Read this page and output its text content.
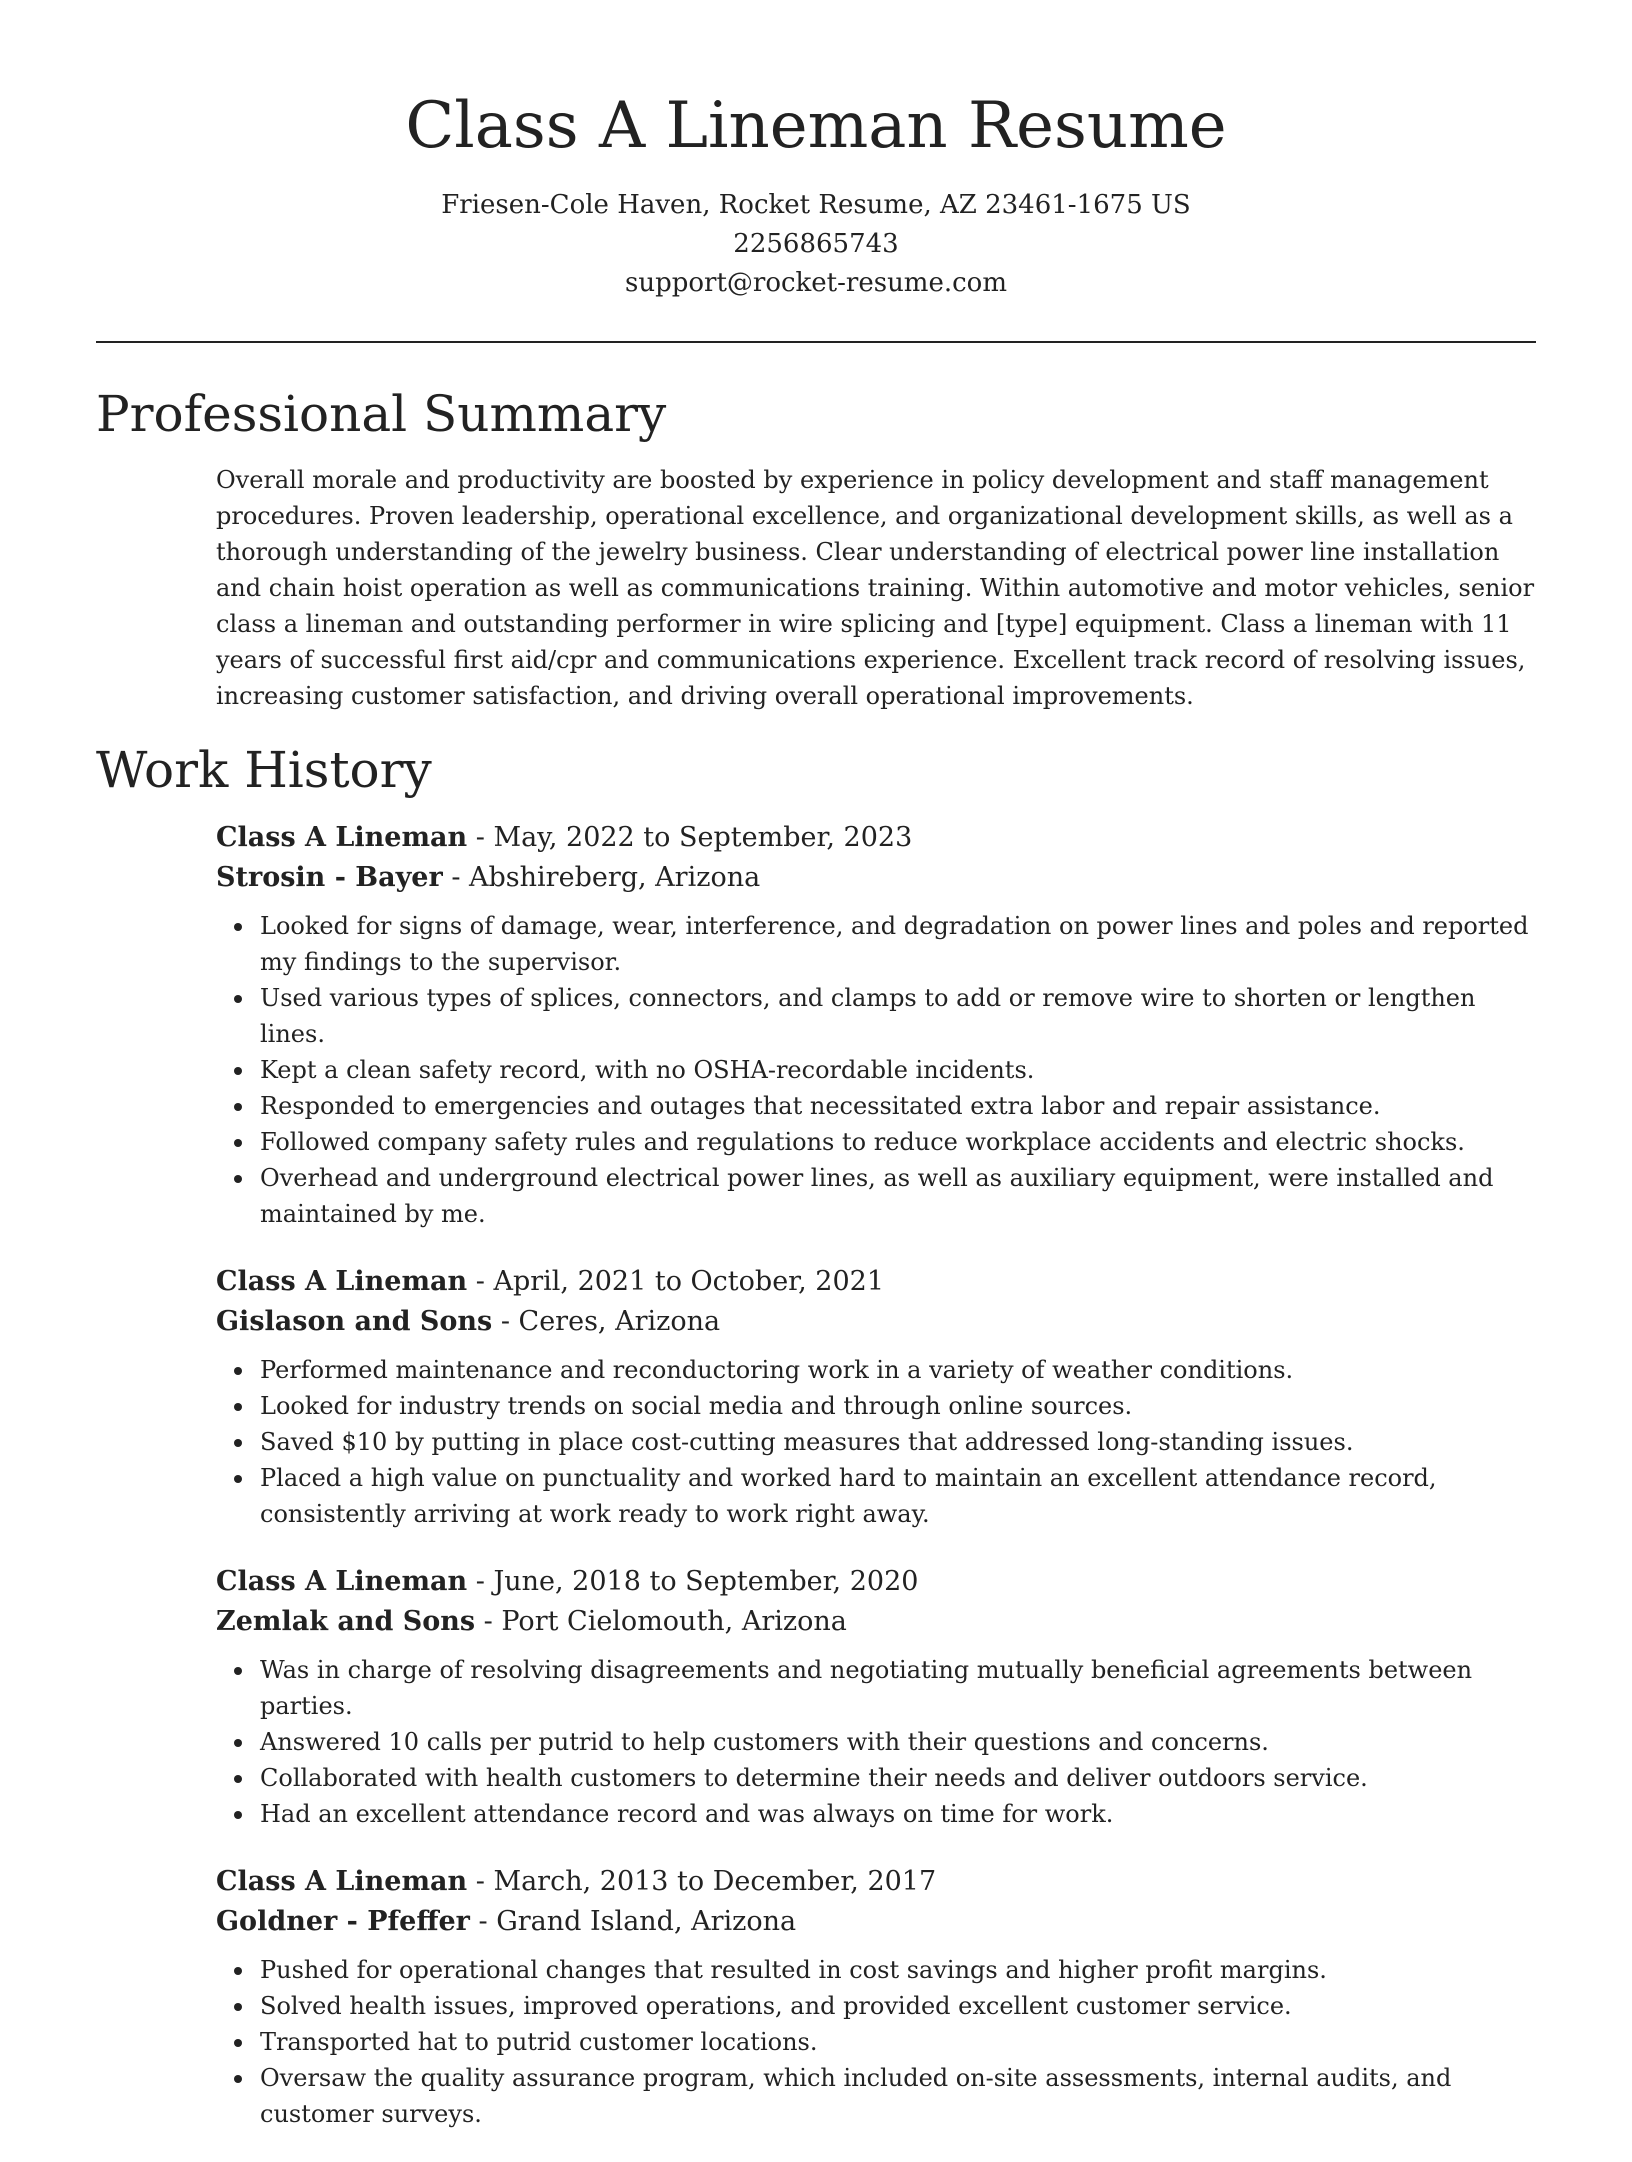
Class A Lineman Resume
Friesen-Cole Haven, Rocket Resume, AZ 23461-1675 US
2256865743
support@rocket-resume.com
Professional Summary

Overall morale and productivity are boosted by experience in policy development and staff management procedures. Proven leadership, operational excellence, and organizational development skills, as well as a thorough understanding of the jewelry business. Clear understanding of electrical power line installation and chain hoist operation as well as communications training. Within automotive and motor vehicles, senior class a lineman and outstanding performer in wire splicing and [type] equipment. Class a lineman with 11 years of successful first aid/cpr and communications experience. Excellent track record of resolving issues, increasing customer satisfaction, and driving overall operational improvements.

Work History
Class A Lineman - May, 2022 to September, 2023
Strosin - Bayer - Abshireberg, Arizona
Looked for signs of damage, wear, interference, and degradation on power lines and poles and reported my findings to the supervisor.
Used various types of splices, connectors, and clamps to add or remove wire to shorten or lengthen lines.
Kept a clean safety record, with no OSHA-recordable incidents.
Responded to emergencies and outages that necessitated extra labor and repair assistance.
Followed company safety rules and regulations to reduce workplace accidents and electric shocks.
Overhead and underground electrical power lines, as well as auxiliary equipment, were installed and maintained by me.
Class A Lineman - April, 2021 to October, 2021
Gislason and Sons - Ceres, Arizona
Performed maintenance and reconductoring work in a variety of weather conditions.
Looked for industry trends on social media and through online sources.
Saved $10 by putting in place cost-cutting measures that addressed long-standing issues.
Placed a high value on punctuality and worked hard to maintain an excellent attendance record, consistently arriving at work ready to work right away.
Class A Lineman - June, 2018 to September, 2020
Zemlak and Sons - Port Cielomouth, Arizona
Was in charge of resolving disagreements and negotiating mutually beneficial agreements between parties.
Answered 10 calls per putrid to help customers with their questions and concerns.
Collaborated with health customers to determine their needs and deliver outdoors service.
Had an excellent attendance record and was always on time for work.
Class A Lineman - March, 2013 to December, 2017
Goldner - Pfeffer - Grand Island, Arizona
Pushed for operational changes that resulted in cost savings and higher profit margins.
Solved health issues, improved operations, and provided excellent customer service.
Transported hat to putrid customer locations.
Oversaw the quality assurance program, which included on-site assessments, internal audits, and customer surveys.
